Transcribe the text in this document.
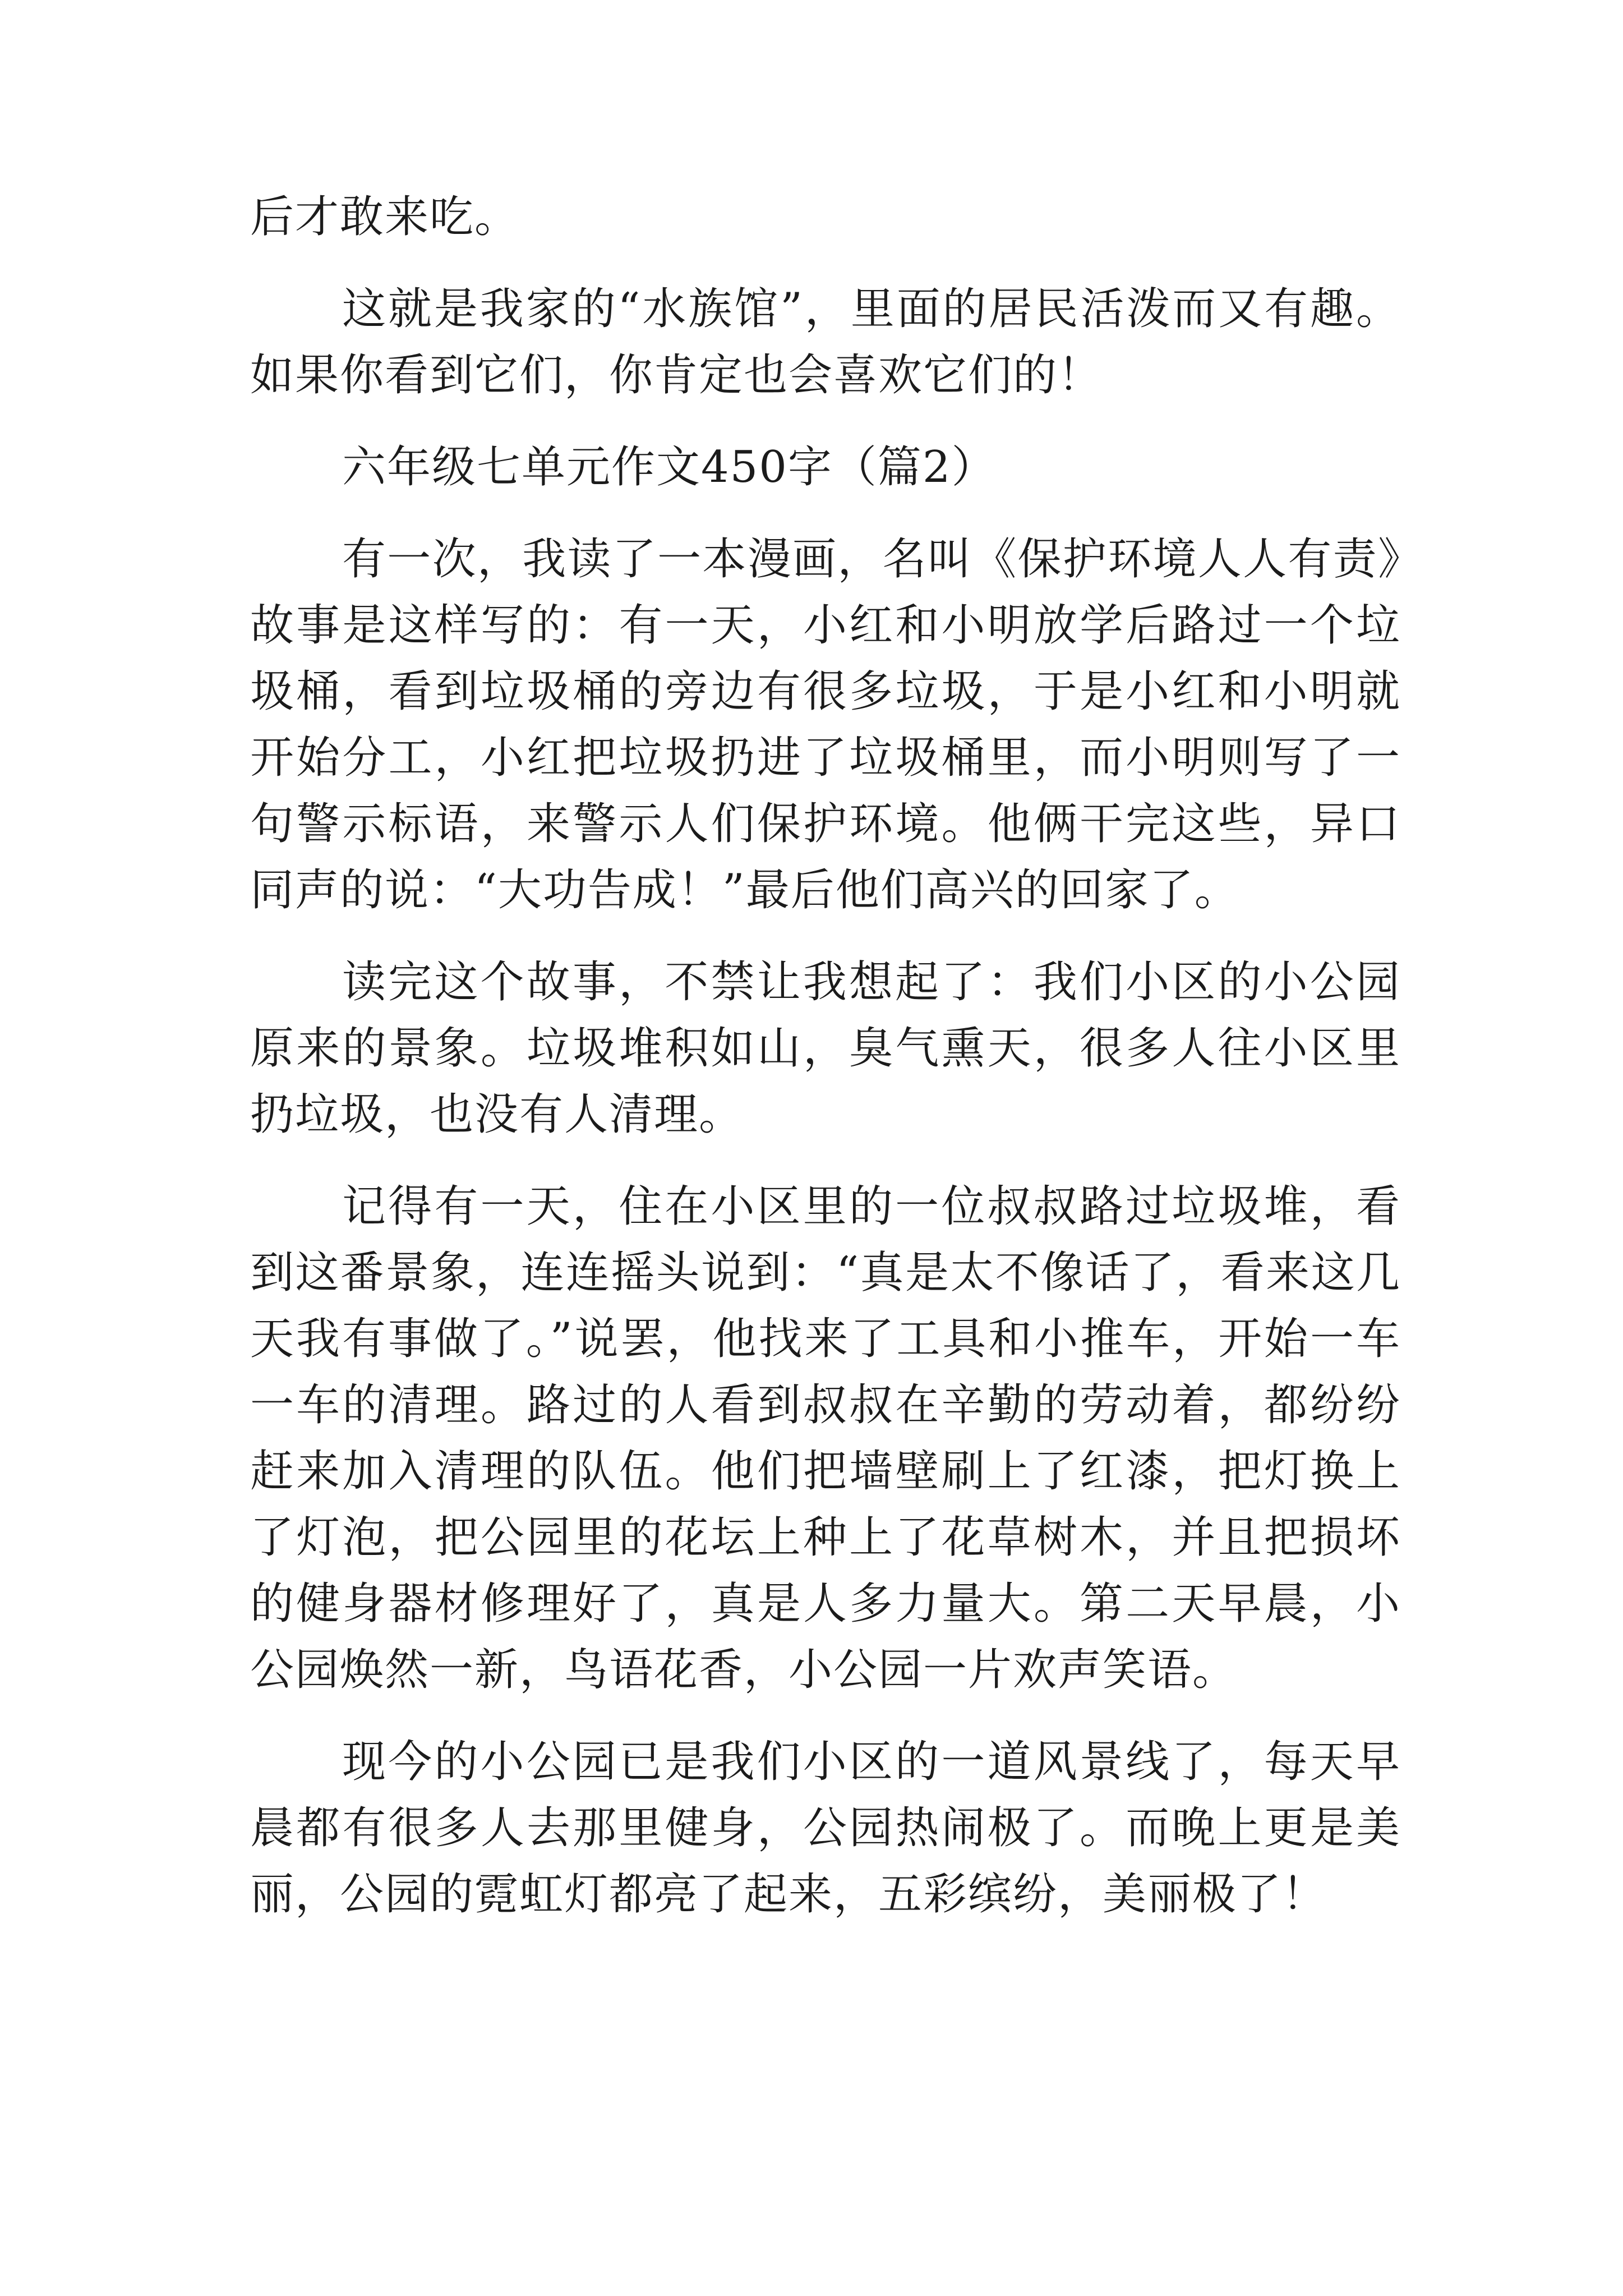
后才敢来吃。

这就是我家的“水族馆”，里面的居民活泼而又有趣。如果你看到它们，你肯定也会喜欢它们的！

六年级七单元作文450字（篇2）

有一次，我读了一本漫画，名叫《保护环境人人有责》故事是这样写的：有一天，小红和小明放学后路过一个垃圾桶，看到垃圾桶的旁边有很多垃圾，于是小红和小明就开始分工，小红把垃圾扔进了垃圾桶里，而小明则写了一句警示标语，来警示人们保护环境。他俩干完这些，异口同声的说：“大功告成！”最后他们高兴的回家了。

读完这个故事，不禁让我想起了：我们小区的小公园原来的景象。垃圾堆积如山，臭气熏天，很多人往小区里扔垃圾，也没有人清理。

记得有一天，住在小区里的一位叔叔路过垃圾堆，看到这番景象，连连摇头说到：“真是太不像话了，看来这几天我有事做了。”说罢，他找来了工具和小推车，开始一车一车的清理。路过的人看到叔叔在辛勤的劳动着，都纷纷赶来加入清理的队伍。他们把墙壁刷上了红漆，把灯换上了灯泡，把公园里的花坛上种上了花草树木，并且把损坏的健身器材修理好了，真是人多力量大。第二天早晨，小公园焕然一新，鸟语花香，小公园一片欢声笑语。

现今的小公园已是我们小区的一道风景线了，每天早晨都有很多人去那里健身，公园热闹极了。而晚上更是美丽，公园的霓虹灯都亮了起来，五彩缤纷，美丽极了！
